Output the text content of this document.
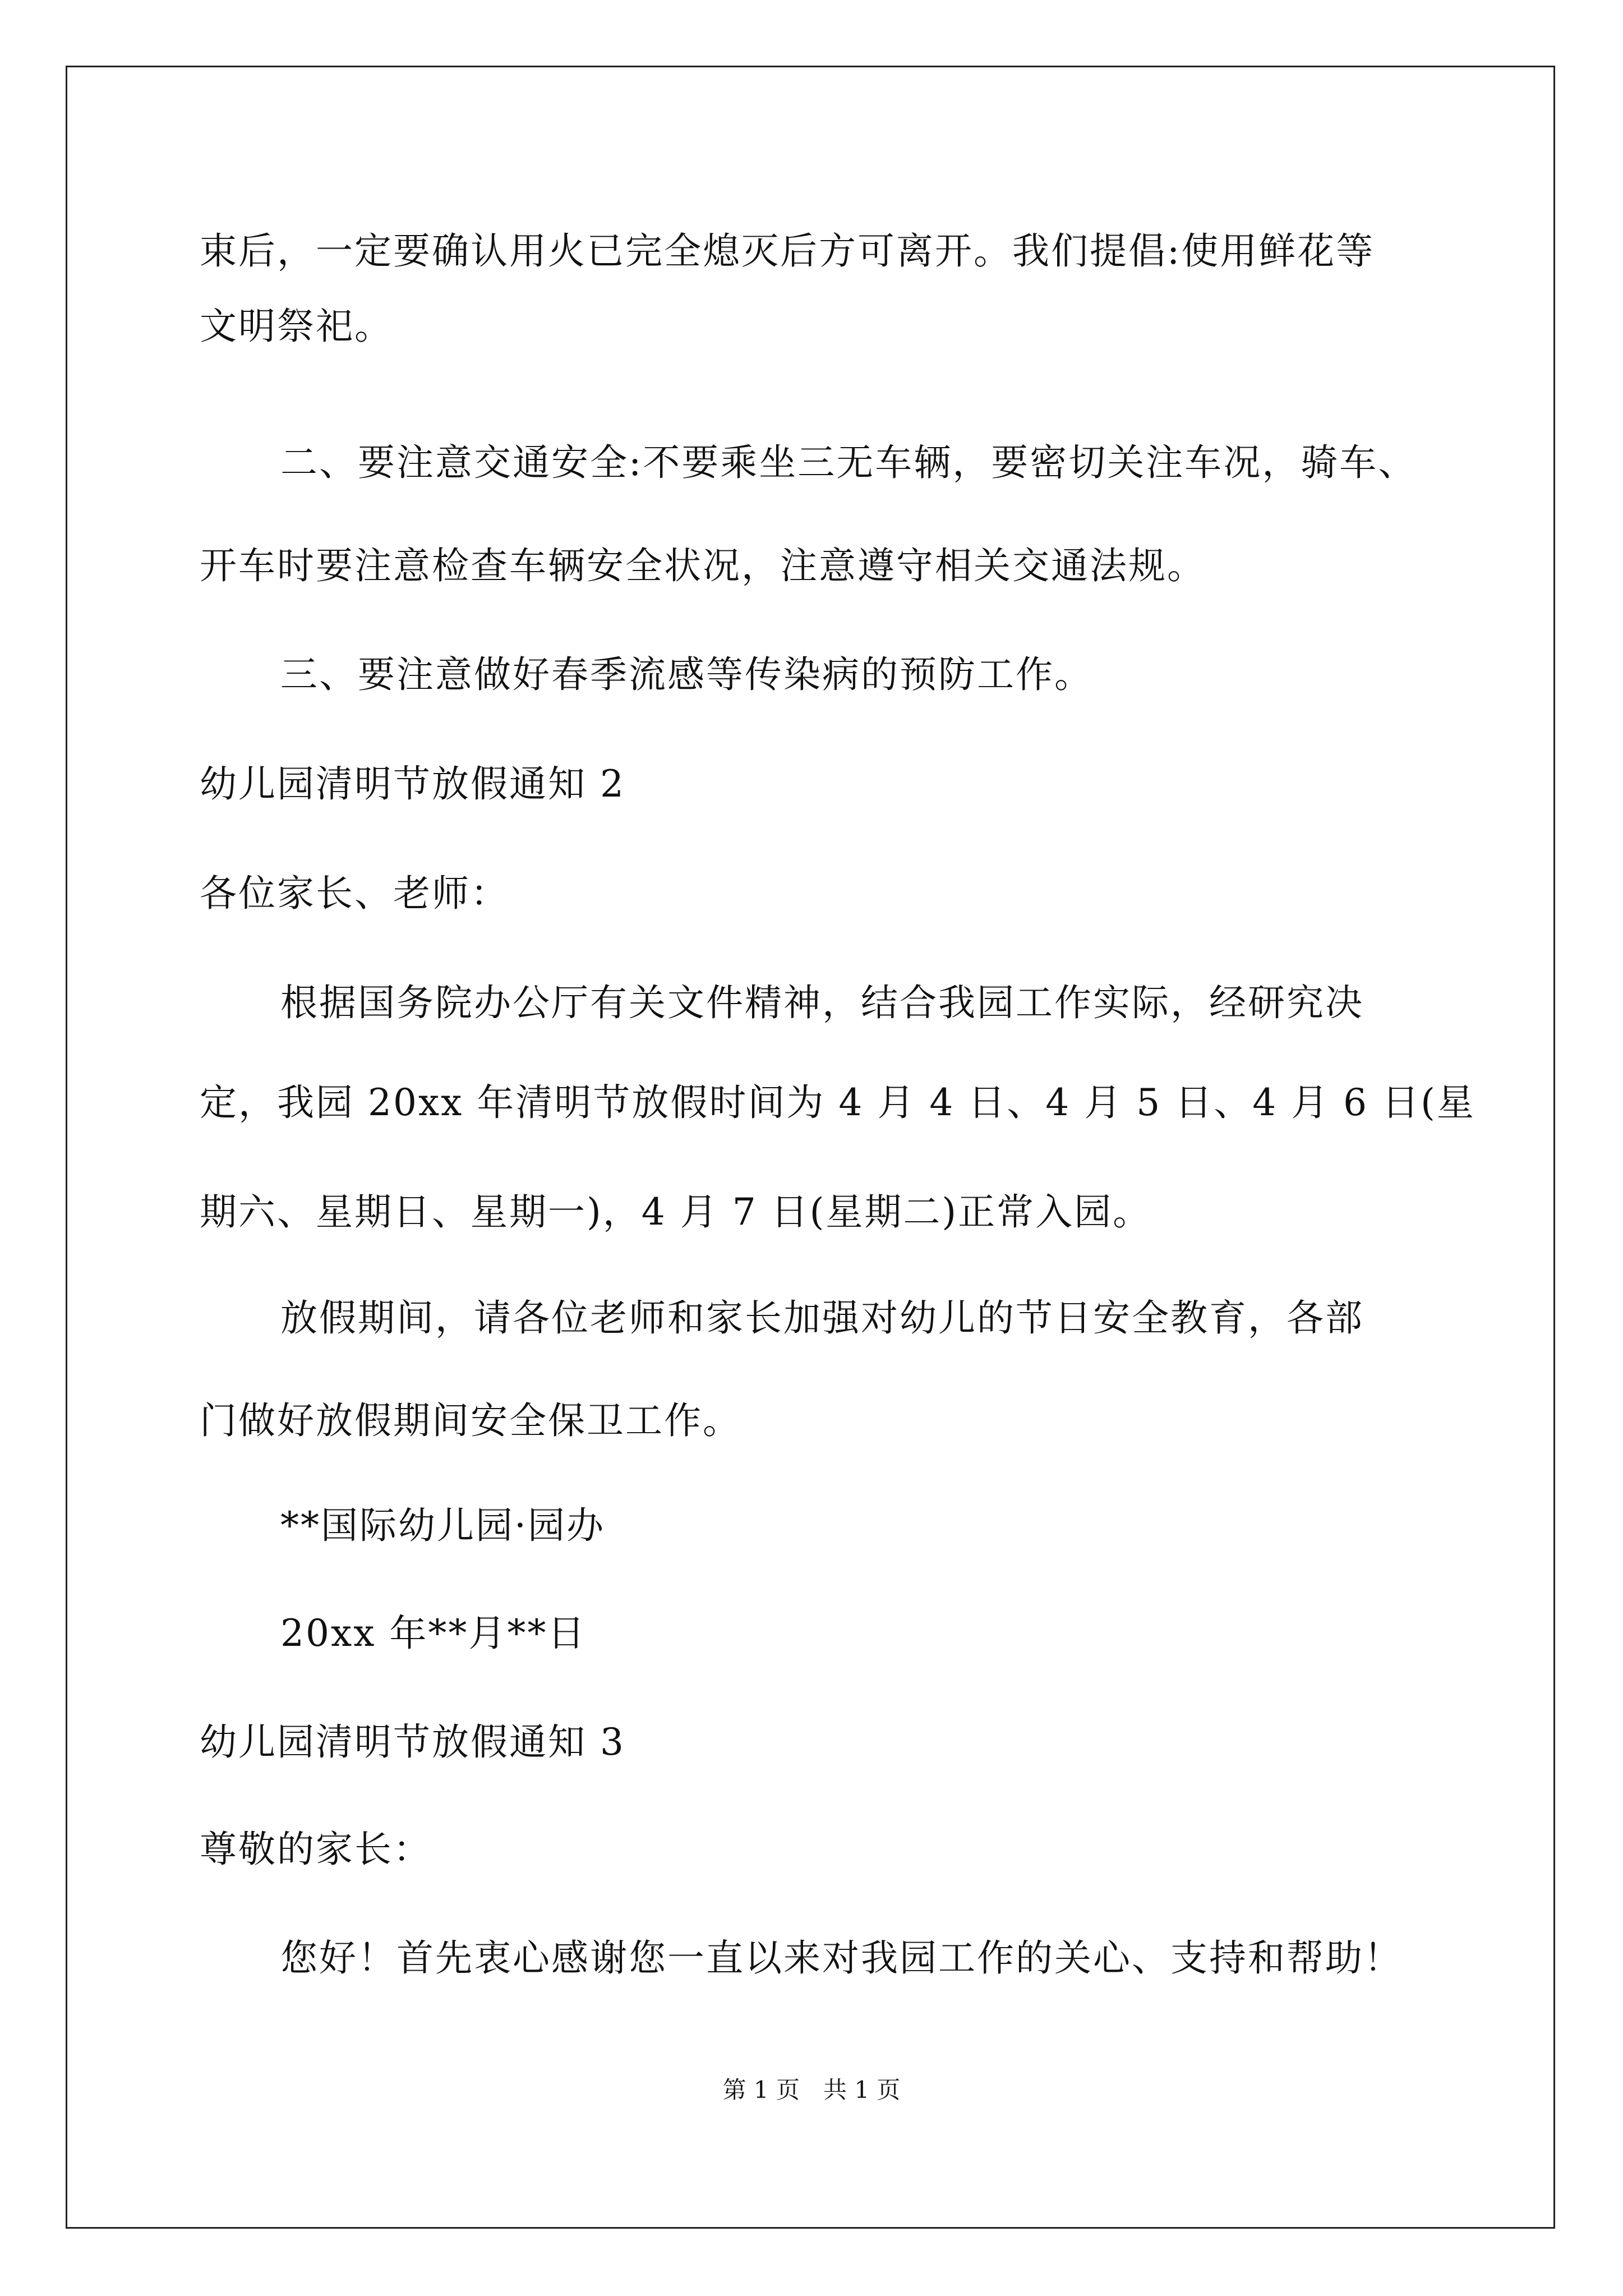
束后，一定要确认用火已完全熄灭后方可离开。我们提倡:使用鲜花等
文明祭祀。
二、要注意交通安全:不要乘坐三无车辆，要密切关注车况，骑车、
开车时要注意检查车辆安全状况，注意遵守相关交通法规。
三、要注意做好春季流感等传染病的预防工作。
幼儿园清明节放假通知 2
各位家长、老师：
根据国务院办公厅有关文件精神，结合我园工作实际，经研究决
定，我园 20xx 年清明节放假时间为 4 月 4 日、4 月 5 日、4 月 6 日(星
期六、星期日、星期一)，4 月 7 日(星期二)正常入园。
放假期间，请各位老师和家长加强对幼儿的节日安全教育，各部
门做好放假期间安全保卫工作。
**国际幼儿园·园办
20xx 年**月**日
幼儿园清明节放假通知 3
尊敬的家长：
您好！首先衷心感谢您一直以来对我园工作的关心、支持和帮助！
第 1 页　共 1 页
